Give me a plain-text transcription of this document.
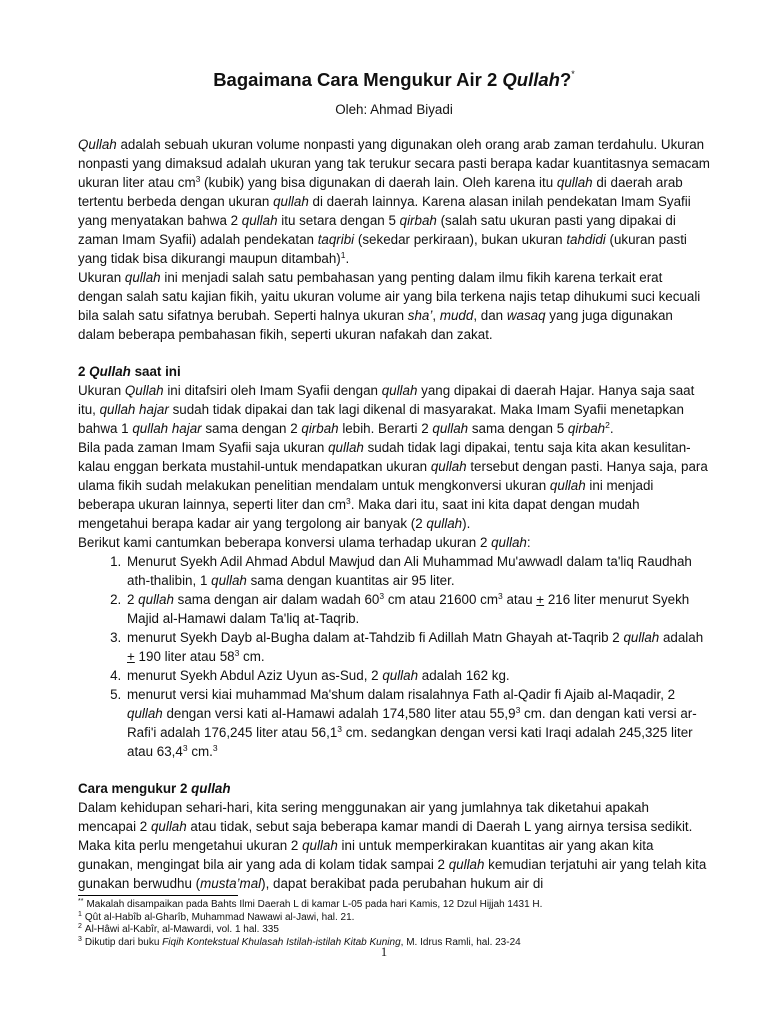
Bagaimana Cara Mengukur Air 2 Qullah?*
Oleh: Ahmad Biyadi

Qullah adalah sebuah ukuran volume nonpasti yang digunakan oleh orang arab zaman terdahulu. Ukuran nonpasti yang dimaksud adalah ukuran yang tak terukur secara pasti berapa kadar kuantitasnya semacam ukuran liter atau $cm^3$ (kubik) yang bisa digunakan di daerah lain. Oleh karena itu qullah di daerah arab tertentu berbeda dengan ukuran qullah di daerah lainnya. Karena alasan inilah pendekatan Imam Syafii yang menyatakan bahwa 2 qullah itu setara dengan 5 qirbah (salah satu ukuran pasti yang dipakai di zaman Imam Syafii) adalah pendekatan taqribi (sekedar perkiraan), bukan ukuran tahdidi (ukuran pasti yang tidak bisa dikurangi maupun ditambah)$^1$.

Ukuran qullah ini menjadi salah satu pembahasan yang penting dalam ilmu fikih karena terkait erat dengan salah satu kajian fikih, yaitu ukuran volume air yang bila terkena najis tetap dihukumi suci kecuali bila salah satu sifatnya berubah. Seperti halnya ukuran sha’, mudd, dan wasaq yang juga digunakan dalam beberapa pembahasan fikih, seperti ukuran nafakah dan zakat.

2 Qullah saat ini

Ukuran Qullah ini ditafsiri oleh Imam Syafii dengan qullah yang dipakai di daerah Hajar. Hanya saja saat itu, qullah hajar sudah tidak dipakai dan tak lagi dikenal di masyarakat. Maka Imam Syafii menetapkan bahwa 1 qullah hajar sama dengan 2 qirbah lebih. Berarti 2 qullah sama dengan 5 qirbah$^2$.

Bila pada zaman Imam Syafii saja ukuran qullah sudah tidak lagi dipakai, tentu saja kita akan kesulitan-kalau enggan berkata mustahil-untuk mendapatkan ukuran qullah tersebut dengan pasti. Hanya saja, para ulama fikih sudah melakukan penelitian mendalam untuk mengkonversi ukuran qullah ini menjadi beberapa ukuran lainnya, seperti liter dan $cm^3$. Maka dari itu, saat ini kita dapat dengan mudah mengetahui berapa kadar air yang tergolong air banyak (2 qullah).

Berikut kami cantumkan beberapa konversi ulama terhadap ukuran 2 qullah:

1. Menurut Syekh Adil Ahmad Abdul Mawjud dan Ali Muhammad Mu'awwadl dalam ta'liq Raudhah ath-thalibin, 1 qullah sama dengan kuantitas air 95 liter.
2. 2 qullah sama dengan air dalam wadah $60^3$ cm atau 21600 $cm^3$ atau + 216 liter menurut Syekh Majid al-Hamawi dalam Ta'liq at-Taqrib.
3. menurut Syekh Dayb al-Bugha dalam at-Tahdzib fi Adillah Matn Ghayah at-Taqrib 2 qullah adalah + 190 liter atau $58^3$ cm.
4. menurut Syekh Abdul Aziz Uyun as-Sud, 2 qullah adalah 162 kg.
5. menurut versi kiai muhammad Ma'shum dalam risalahnya Fath al-Qadir fi Ajaib al-Maqadir, 2 qullah dengan versi kati al-Hamawi adalah 174,580 liter atau 55,9$^3$ cm. dan dengan kati versi ar-Rafi'i adalah 176,245 liter atau 56,1$^3$ cm. sedangkan dengan versi kati Iraqi adalah 245,325 liter atau 63,4$^3$ cm.$^3$
Cara mengukur 2 qullah

Dalam kehidupan sehari-hari, kita sering menggunakan air yang jumlahnya tak diketahui apakah mencapai 2 qullah atau tidak, sebut saja beberapa kamar mandi di Daerah L yang airnya tersisa sedikit. Maka kita perlu mengetahui ukuran 2 qullah ini untuk memperkirakan kuantitas air yang akan kita gunakan, mengingat bila air yang ada di kolam tidak sampai 2 qullah kemudian terjatuhi air yang telah kita gunakan berwudhu (musta’mal), dapat berakibat pada perubahan hukum air di

** Makalah disampaikan pada Bahts Ilmi Daerah L di kamar L-05 pada hari Kamis, 12 Dzul Hijjah 1431 H.
$^1$ Qût al-Habîb al-Gharîb, Muhammad Nawawi al-Jawi, hal. 21.
$^2$ Al-Hâwi al-Kabîr, al-Mawardi, vol. 1 hal. 335
$^3$ Dikutip dari buku Fiqih Kontekstual Khulasah Istilah-istilah Kitab Kuning, M. Idrus Ramli, hal. 23-24
1
